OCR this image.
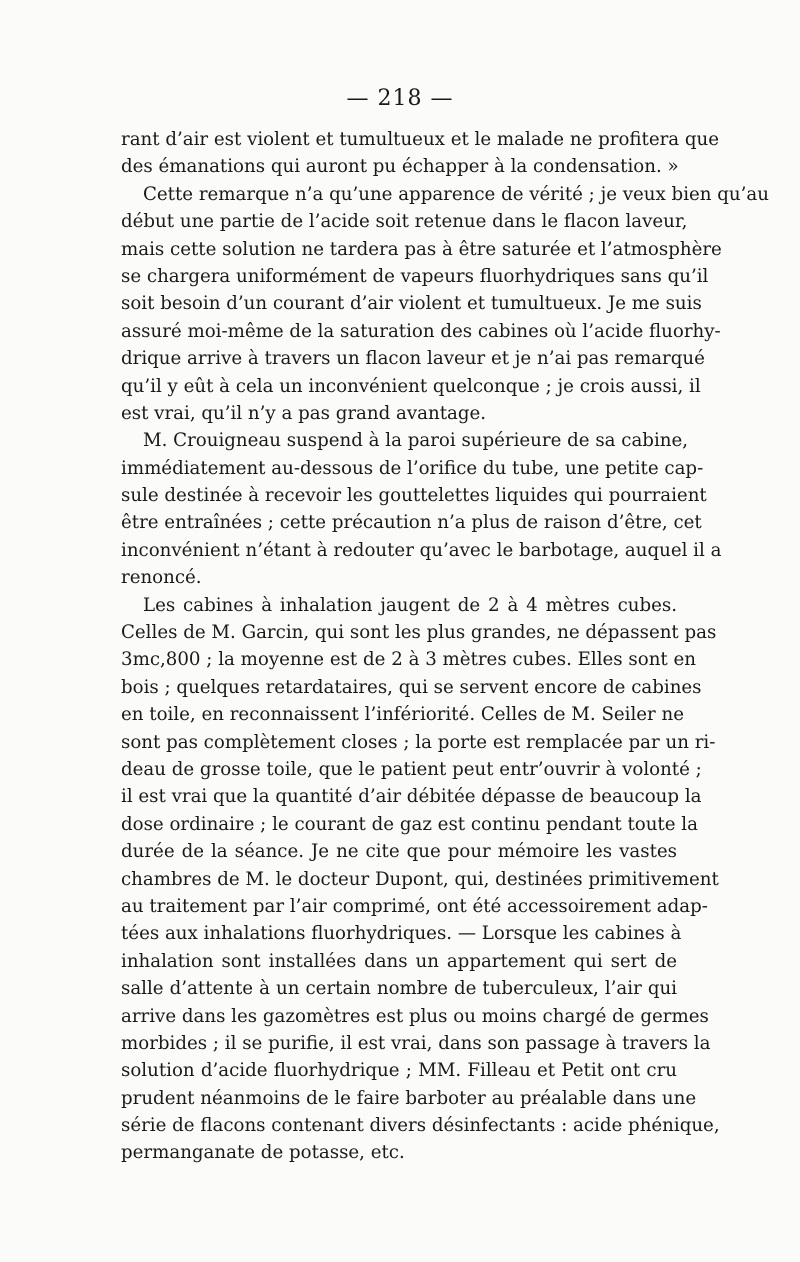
— 218 —
rant d’air est violent et tumultueux et le malade ne profitera que
des émanations qui auront pu échapper à la condensation. »
Cette remarque n’a qu’une apparence de vérité ; je veux bien qu’au
début une partie de l’acide soit retenue dans le flacon laveur,
mais cette solution ne tardera pas à être saturée et l’atmosphère
se chargera uniformément de vapeurs fluorhydriques sans qu’il
soit besoin d’un courant d’air violent et tumultueux. Je me suis
assuré moi-même de la saturation des cabines où l’acide fluorhy-
drique arrive à travers un flacon laveur et je n’ai pas remarqué
qu’il y eût à cela un inconvénient quelconque ; je crois aussi, il
est vrai, qu’il n’y a pas grand avantage.
M. Crouigneau suspend à la paroi supérieure de sa cabine,
immédiatement au-dessous de l’orifice du tube, une petite cap-
sule destinée à recevoir les gouttelettes liquides qui pourraient
être entraînées ; cette précaution n’a plus de raison d’être, cet
inconvénient n’étant à redouter qu’avec le barbotage, auquel il a
renoncé.
Les cabines à inhalation jaugent de 2 à 4 mètres cubes.
Celles de M. Garcin, qui sont les plus grandes, ne dépassent pas
3mc,800 ; la moyenne est de 2 à 3 mètres cubes. Elles sont en
bois ; quelques retardataires, qui se servent encore de cabines
en toile, en reconnaissent l’infériorité. Celles de M. Seiler ne
sont pas complètement closes ; la porte est remplacée par un ri-
deau de grosse toile, que le patient peut entr’ouvrir à volonté ;
il est vrai que la quantité d’air débitée dépasse de beaucoup la
dose ordinaire ; le courant de gaz est continu pendant toute la
durée de la séance. Je ne cite que pour mémoire les vastes
chambres de M. le docteur Dupont, qui, destinées primitivement
au traitement par l’air comprimé, ont été accessoirement adap-
tées aux inhalations fluorhydriques. — Lorsque les cabines à
inhalation sont installées dans un appartement qui sert de
salle d’attente à un certain nombre de tuberculeux, l’air qui
arrive dans les gazomètres est plus ou moins chargé de germes
morbides ; il se purifie, il est vrai, dans son passage à travers la
solution d’acide fluorhydrique ; MM. Filleau et Petit ont cru
prudent néanmoins de le faire barboter au préalable dans une
série de flacons contenant divers désinfectants : acide phénique,
permanganate de potasse, etc.
